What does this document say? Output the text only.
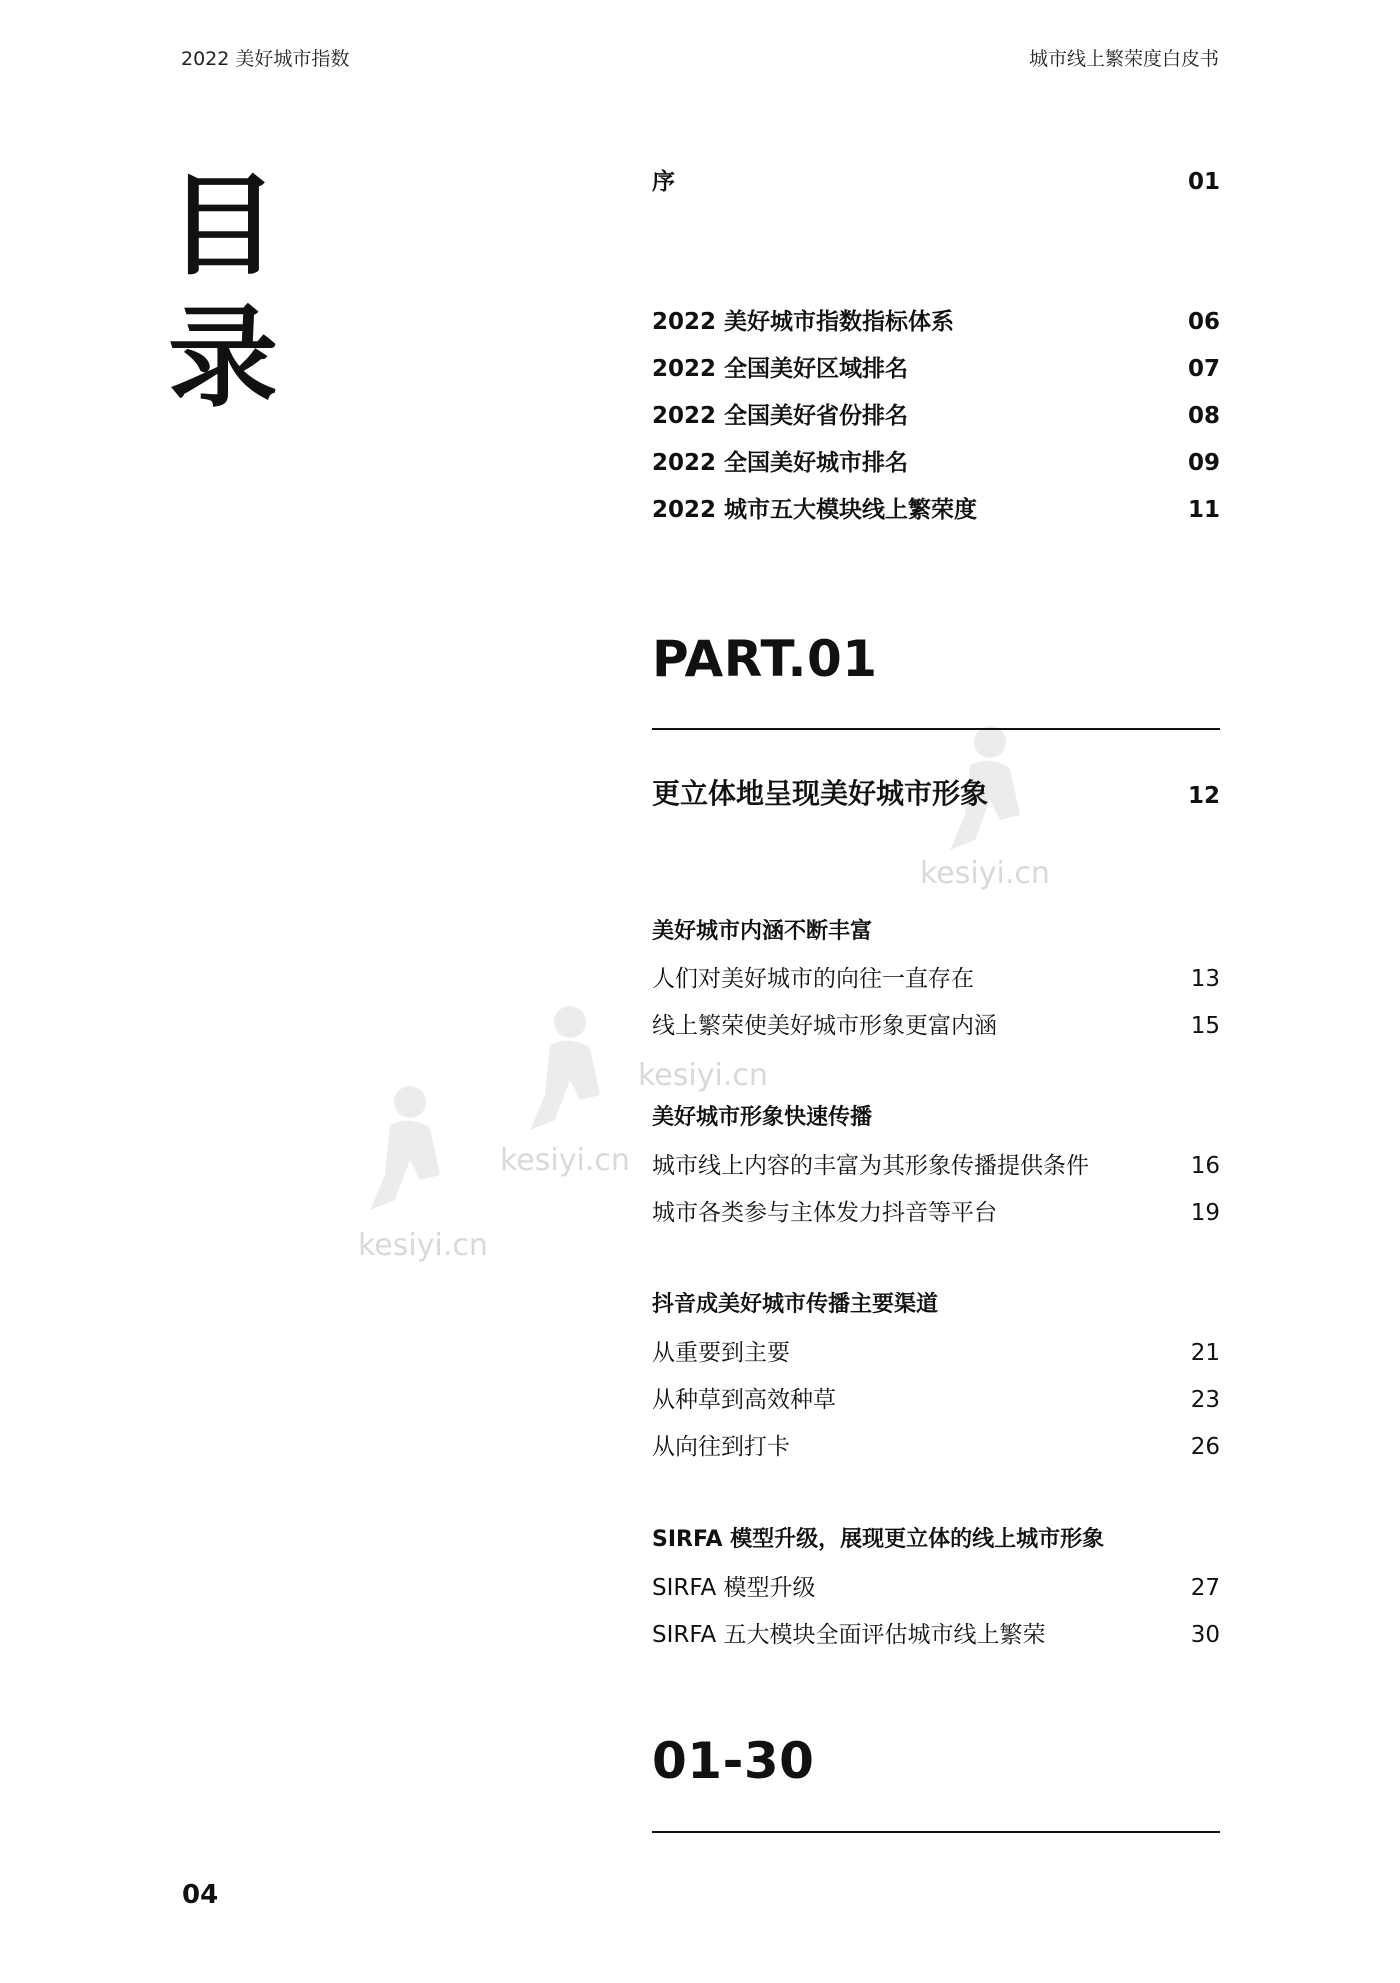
2022 美好城市指数	城市线上繁荣度白皮书
目
录
kesiyi.cn
kesiyi.cn
kesiyi.cn
kesiyi.cn
序	01
2022 美好城市指数指标体系	06
2022 全国美好区域排名	07
2022 全国美好省份排名	08
2022 全国美好城市排名	09
2022 城市五大模块线上繁荣度	11
PART.01
更立体地呈现美好城市形象	12
美好城市内涵不断丰富
人们对美好城市的向往一直存在	13
线上繁荣使美好城市形象更富内涵	15
美好城市形象快速传播
城市线上内容的丰富为其形象传播提供条件	16
城市各类参与主体发力抖音等平台	19
抖音成美好城市传播主要渠道
从重要到主要	21
从种草到高效种草	23
从向往到打卡	26
SIRFA 模型升级，展现更立体的线上城市形象
SIRFA 模型升级	27
SIRFA 五大模块全面评估城市线上繁荣	30
01-30
04
